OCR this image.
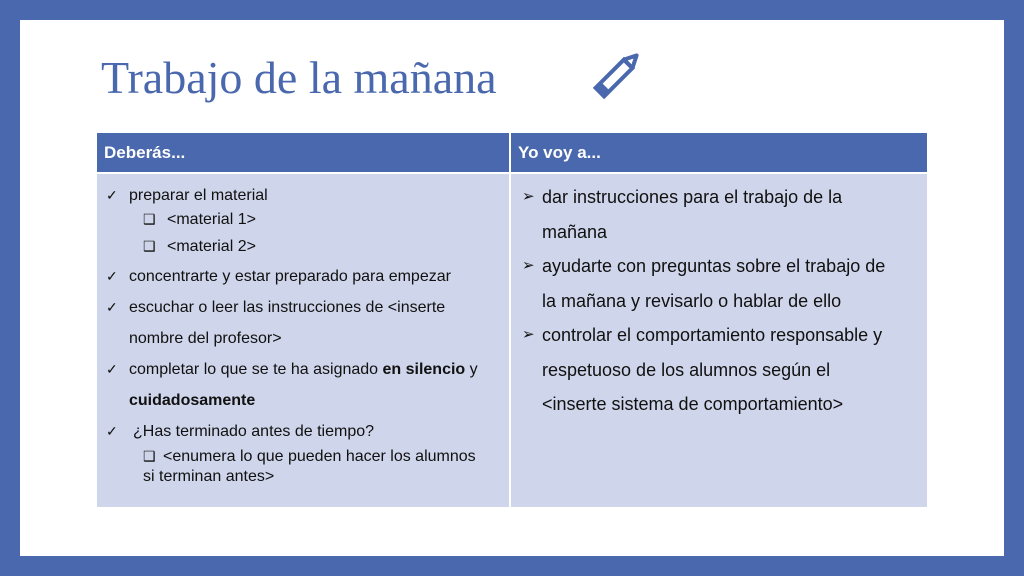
Trabajo de la mañana
Deberás...	Yo voy a...
✓ preparar el material
❑ <material 1>
❑ <material 2>
✓ concentrarte y estar preparado para empezar
✓ escuchar o leer las instrucciones de <inserte
nombre del profesor>
✓ completar lo que se te ha asignado en silencio y
cuidadosamente
✓ ¿Has terminado antes de tiempo?
❑ <enumera lo que pueden hacer los alumnos
si terminan antes>
➢ dar instrucciones para el trabajo de la
mañana
➢ ayudarte con preguntas sobre el trabajo de
la mañana y revisarlo o hablar de ello
➢ controlar el comportamiento responsable y
respetuoso de los alumnos según el
<inserte sistema de comportamiento>
